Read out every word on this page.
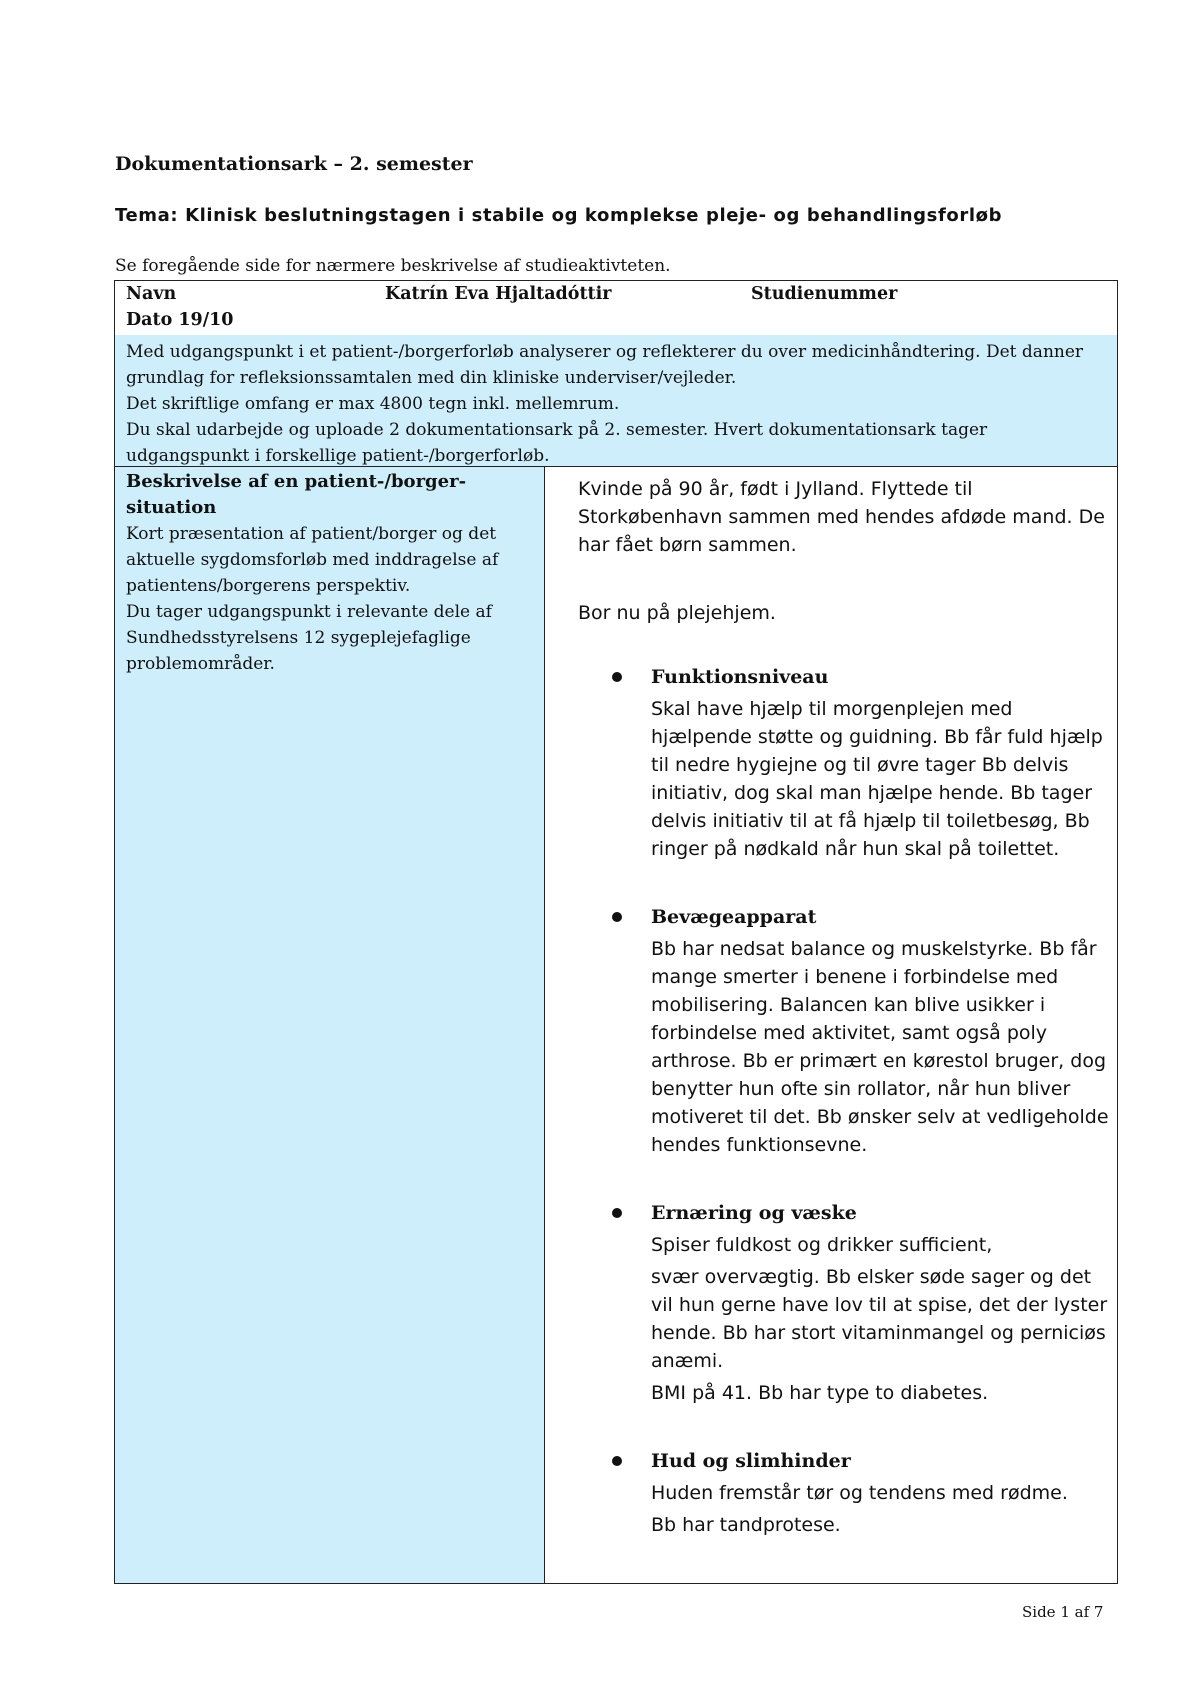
Dokumentationsark – 2. semester

Tema: Klinisk beslutningstagen i stabile og komplekse pleje- og behandlingsforløb

Se foregående side for nærmere beskrivelse af studieaktivteten.

Navn	Katrín Eva Hjaltadóttir	Studienummer
Dato 19/10

Med udgangspunkt i et patient-/borgerforløb analyserer og reflekterer du over medicinhåndtering. Det danner grundlag for refleksionssamtalen med din kliniske underviser/vejleder.

Det skriftlige omfang er max 4800 tegn inkl. mellemrum.

Du skal udarbejde og uploade 2 dokumentationsark på 2. semester. Hvert dokumentationsark tager udgangspunkt i forskellige patient-/borgerforløb.

Beskrivelse af en patient-/borger-situation

Kort præsentation af patient/borger og det aktuelle sygdomsforløb med inddragelse af patientens/borgerens perspektiv.

Du tager udgangspunkt i relevante dele af Sundhedsstyrelsens 12 sygeplejefaglige problemområder.

Kvinde på 90 år, født i Jylland. Flyttede til Storkøbenhavn sammen med hendes afdøde mand. De har fået børn sammen.

Bor nu på plejehjem.

Funktionsniveau

Skal have hjælp til morgenplejen med hjælpende støtte og guidning. Bb får fuld hjælp til nedre hygiejne og til øvre tager Bb delvis initiativ, dog skal man hjælpe hende. Bb tager delvis initiativ til at få hjælp til toiletbesøg, Bb ringer på nødkald når hun skal på toilettet.

Bevægeapparat

Bb har nedsat balance og muskelstyrke. Bb får mange smerter i benene i forbindelse med mobilisering. Balancen kan blive usikker i forbindelse med aktivitet, samt også poly arthrose. Bb er primært en kørestol bruger, dog benytter hun ofte sin rollator, når hun bliver motiveret til det. Bb ønsker selv at vedligeholde hendes funktionsevne.

Ernæring og væske

Spiser fuldkost og drikker sufficient,

svær overvægtig. Bb elsker søde sager og det vil hun gerne have lov til at spise, det der lyster hende. Bb har stort vitaminmangel og perniciøs anæmi.

BMI på 41. Bb har type to diabetes.

Hud og slimhinder

Huden fremstår tør og tendens med rødme.

Bb har tandprotese.

Side 1 af 7
